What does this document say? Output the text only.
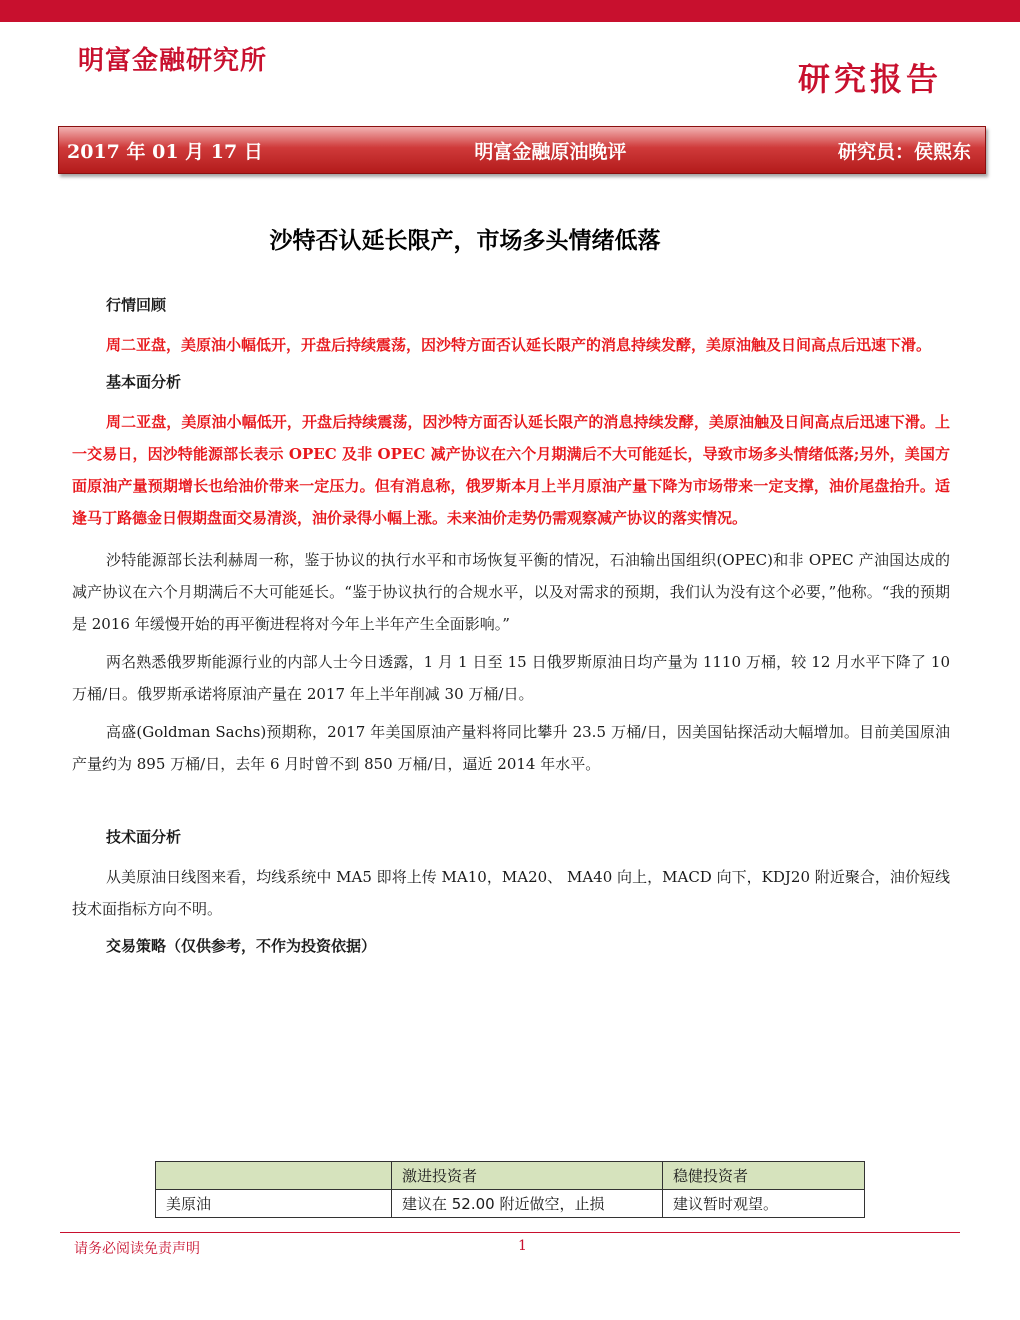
明富金融研究所	研究报告
2017 年 01 月 17 日	明富金融原油晚评	研究员：侯熙东
沙特否认延长限产，市场多头情绪低落
行情回顾

周二亚盘，美原油小幅低开，开盘后持续震荡，因沙特方面否认延长限产的消息持续发酵，美原油触及日间高点后迅速下滑。

基本面分析

周二亚盘，美原油小幅低开，开盘后持续震荡，因沙特方面否认延长限产的消息持续发酵，美原油触及日间高点后迅速下滑。上一交易日，因沙特能源部长表示 OPEC 及非 OPEC 减产协议在六个月期满后不大可能延长，导致市场多头情绪低落;另外，美国方面原油产量预期增长也给油价带来一定压力。但有消息称，俄罗斯本月上半月原油产量下降为市场带来一定支撑，油价尾盘抬升。适逢马丁路德金日假期盘面交易清淡，油价录得小幅上涨。未来油价走势仍需观察减产协议的落实情况。

沙特能源部长法利赫周一称，鉴于协议的执行水平和市场恢复平衡的情况，石油输出国组织(OPEC)和非 OPEC 产油国达成的减产协议在六个月期满后不大可能延长。“鉴于协议执行的合规水平，以及对需求的预期，我们认为没有这个必要，”他称。“我的预期是 2016 年缓慢开始的再平衡进程将对今年上半年产生全面影响。”

两名熟悉俄罗斯能源行业的内部人士今日透露，1 月 1 日至 15 日俄罗斯原油日均产量为 1110 万桶，较 12 月水平下降了 10 万桶/日。俄罗斯承诺将原油产量在 2017 年上半年削减 30 万桶/日。

高盛(Goldman Sachs)预期称，2017 年美国原油产量料将同比攀升 23.5 万桶/日，因美国钻探活动大幅增加。目前美国原油产量约为 895 万桶/日，去年 6 月时曾不到 850 万桶/日，逼近 2014 年水平。

技术面分析

从美原油日线图来看，均线系统中 MA5 即将上传 MA10，MA20、 MA40 向上，MACD 向下，KDJ20 附近聚合，油价短线技术面指标方向不明。

交易策略（仅供参考，不作为投资依据）
	激进投资者	稳健投资者
美原油	建议在 52.00 附近做空，止损	建议暂时观望。
请务必阅读免责声明	1
